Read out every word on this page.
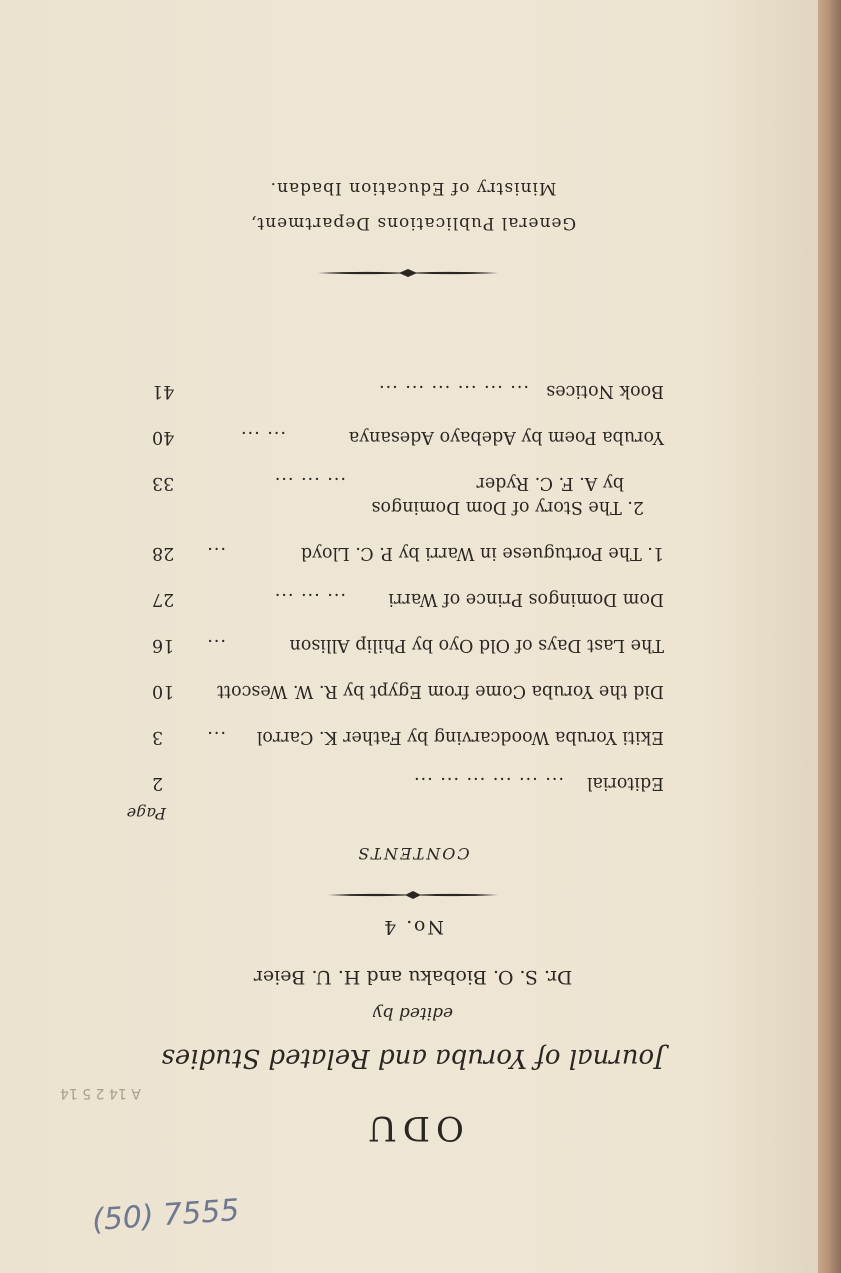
ODU
Journal of Yoruba and Related Studies
edited by
Dr. S. O. Biobaku and H. U. Beier
No. 4
CONTENTS
Page
Editorial
... ... ... ... ... ...
2
Ekiti Yoruba Woodcarving by Father K. Carrol
...
3
Did the Yoruba Come from Egypt by R. W. Wescott
10
The Last Days of Old Oyo by Philip Allison
...
16
Dom Domingos Prince of Warri
... ... ...
27
1. The Portuguese in Warri by P. C. Lloyd
...
28
2. The Story of Dom Domingos
by A. F. C. Ryder
... ... ...
33
Yoruba Poem by Adebayo Adesanya
... ...
40
Book Notices
... ... ... ... ... ...
41
General Publications Department,
Ministry of Education Ibadan.
(50) 7555
A 14 2 5 14
